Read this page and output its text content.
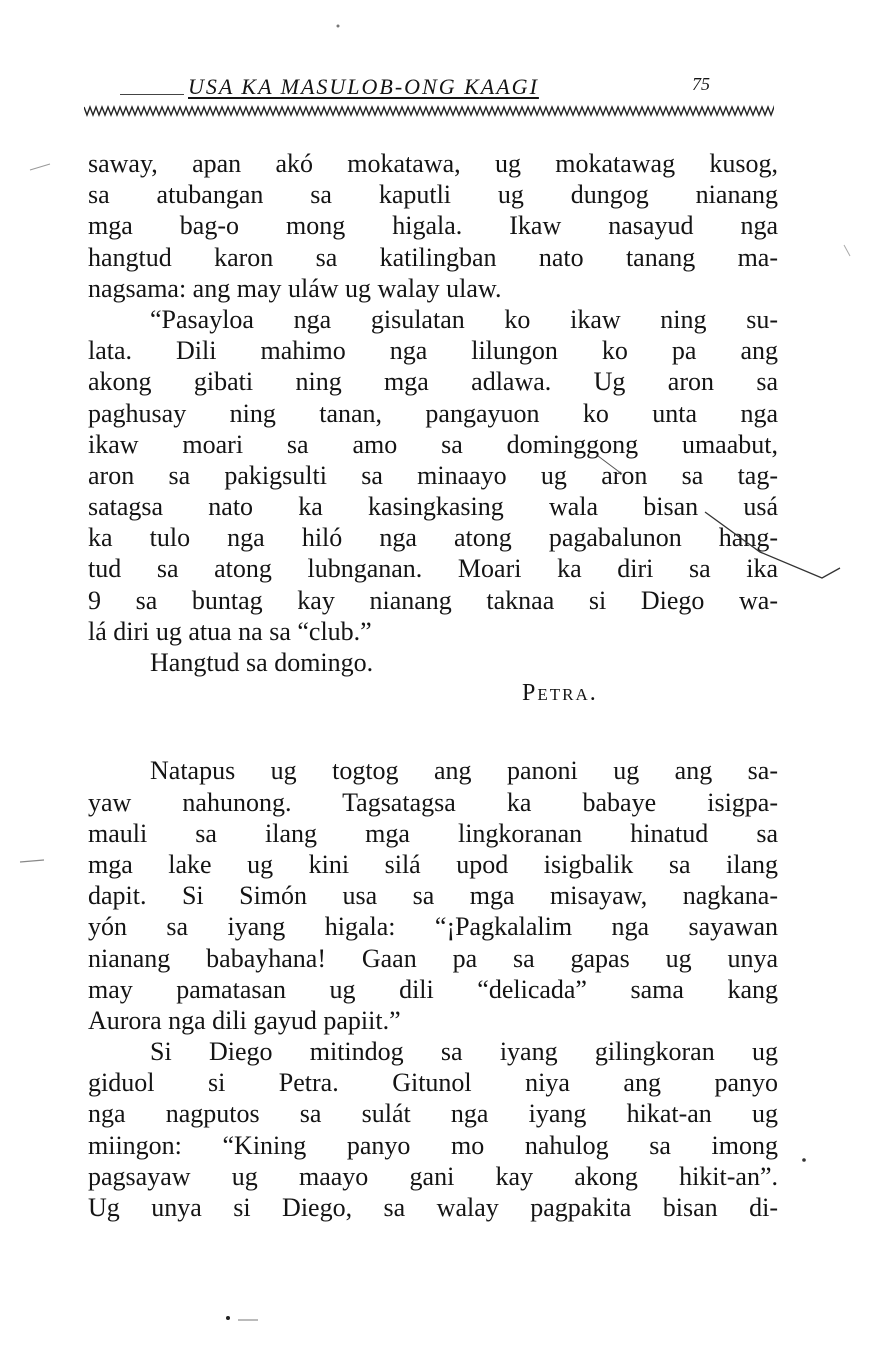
USA KA MASULOB-ONG KAAGI	75
saway, apan akó mokatawa, ug mokatawag kusog,
sa atubangan sa kaputli ug dungog nianang
mga bag-o mong higala. Ikaw nasayud nga
hangtud karon sa katilingban nato tanang ma-
nagsama: ang may uláw ug walay ulaw.
“Pasayloa nga gisulatan ko ikaw ning su-
lata. Dili mahimo nga lilungon ko pa ang
akong gibati ning mga adlawa. Ug aron sa
paghusay ning tanan, pangayuon ko unta nga
ikaw moari sa amo sa dominggong umaabut,
aron sa pakigsulti sa minaayo ug aron sa tag-
satagsa nato ka kasingkasing wala bisan usá
ka tulo nga hiló nga atong pagabalunon hang-
tud sa atong lubnganan. Moari ka diri sa ika
9 sa buntag kay nianang taknaa si Diego wa-
lá diri ug atua na sa “club.”
Hangtud sa domingo.
Petra.
Natapus ug togtog ang panoni ug ang sa-
yaw nahunong. Tagsatagsa ka babaye isigpa-
mauli sa ilang mga lingkoranan hinatud sa
mga lake ug kini silá upod isigbalik sa ilang
dapit. Si Simón usa sa mga misayaw, nagkana-
yón sa iyang higala: “¡Pagkalalim nga sayawan
nianang babayhana! Gaan pa sa gapas ug unya
may pamatasan ug dili “delicada” sama kang
Aurora nga dili gayud papiit.”
Si Diego mitindog sa iyang gilingkoran ug
giduol si Petra. Gitunol niya ang panyo
nga nagputos sa sulát nga iyang hikat-an ug
miingon: “Kining panyo mo nahulog sa imong
pagsayaw ug maayo gani kay akong hikit-an”.
Ug unya si Diego, sa walay pagpakita bisan di-
